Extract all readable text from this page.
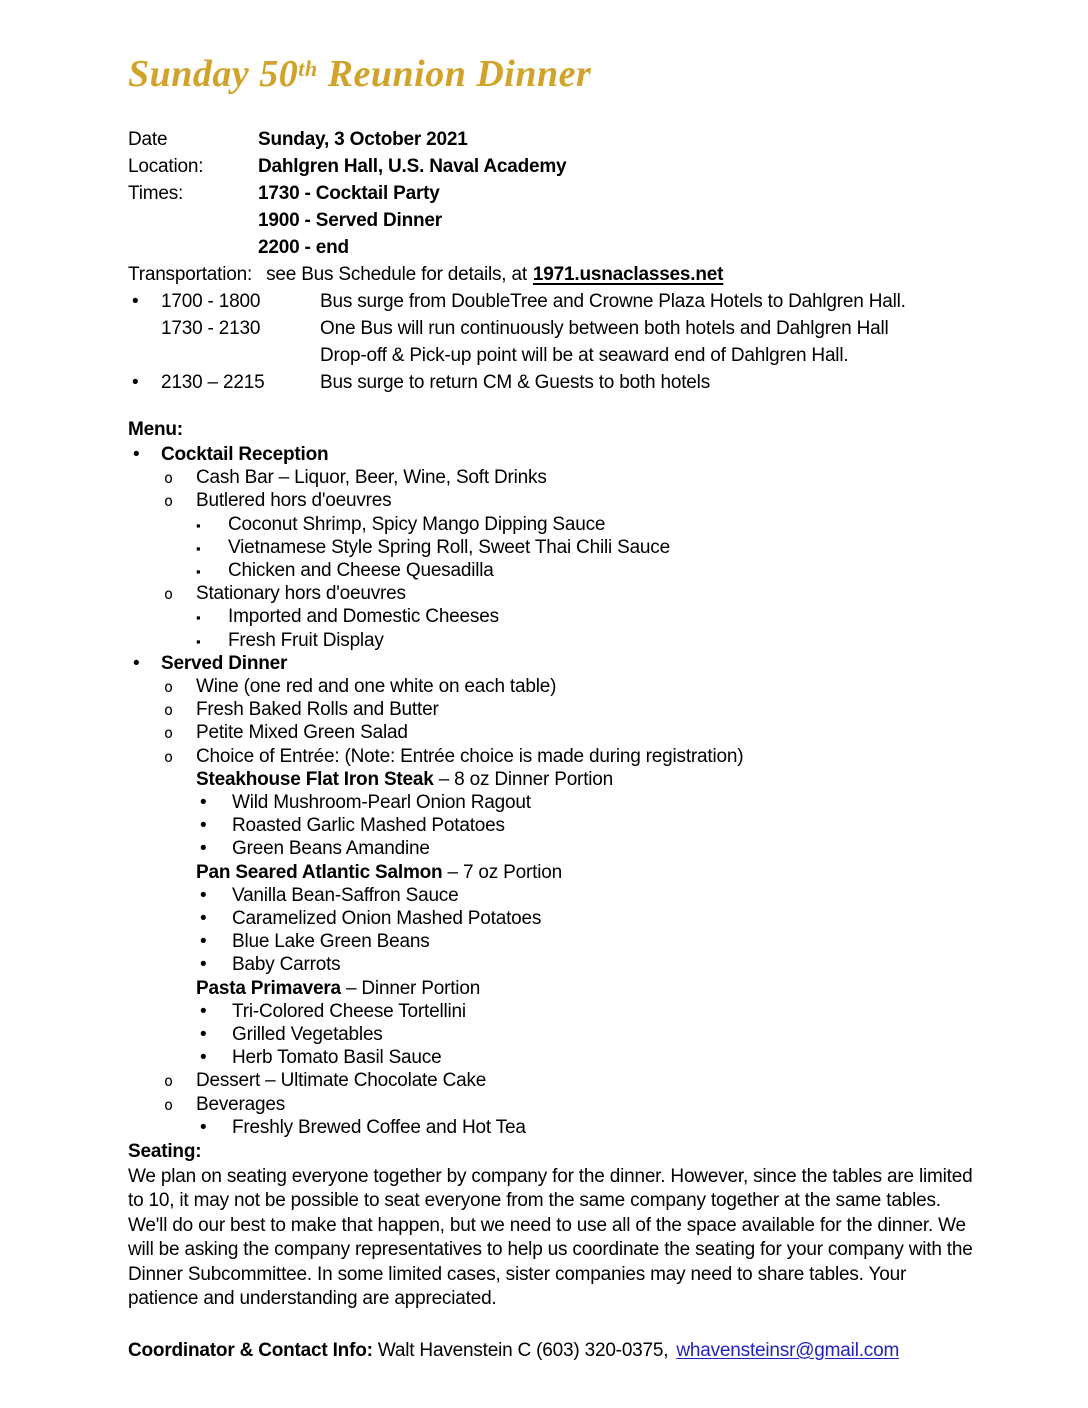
Sunday 50th Reunion Dinner
Date	Sunday, 3 October 2021
Location:	Dahlgren Hall, U.S. Naval Academy
Times:	1730 - Cocktail Party
1900 - Served Dinner
2200 - end
Transportation: see Bus Schedule for details, at 1971.usnaclasses.net
• 1700 - 1800	Bus surge from DoubleTree and Crowne Plaza Hotels to Dahlgren Hall.
1730 - 2130	One Bus will run continuously between both hotels and Dahlgren Hall
Drop-off & Pick-up point will be at seaward end of Dahlgren Hall.
• 2130 – 2215	Bus surge to return CM & Guests to both hotels
Menu:
• Cocktail Reception
o Cash Bar – Liquor, Beer, Wine, Soft Drinks
o Butlered hors d'oeuvres
▪ Coconut Shrimp, Spicy Mango Dipping Sauce
▪ Vietnamese Style Spring Roll, Sweet Thai Chili Sauce
▪ Chicken and Cheese Quesadilla
o Stationary hors d'oeuvres
▪ Imported and Domestic Cheeses
▪ Fresh Fruit Display
• Served Dinner
o Wine (one red and one white on each table)
o Fresh Baked Rolls and Butter
o Petite Mixed Green Salad
o Choice of Entrée: (Note: Entrée choice is made during registration)
Steakhouse Flat Iron Steak – 8 oz Dinner Portion
• Wild Mushroom-Pearl Onion Ragout
• Roasted Garlic Mashed Potatoes
• Green Beans Amandine
Pan Seared Atlantic Salmon – 7 oz Portion
• Vanilla Bean-Saffron Sauce
• Caramelized Onion Mashed Potatoes
• Blue Lake Green Beans
• Baby Carrots
Pasta Primavera – Dinner Portion
• Tri-Colored Cheese Tortellini
• Grilled Vegetables
• Herb Tomato Basil Sauce
o Dessert – Ultimate Chocolate Cake
o Beverages
• Freshly Brewed Coffee and Hot Tea
Seating:
We plan on seating everyone together by company for the dinner. However, since the tables are limited to 10, it may not be possible to seat everyone from the same company together at the same tables. We'll do our best to make that happen, but we need to use all of the space available for the dinner. We will be asking the company representatives to help us coordinate the seating for your company with the Dinner Subcommittee. In some limited cases, sister companies may need to share tables. Your patience and understanding are appreciated.
Coordinator & Contact Info: Walt Havenstein C (603) 320-0375, whavensteinsr@gmail.com
